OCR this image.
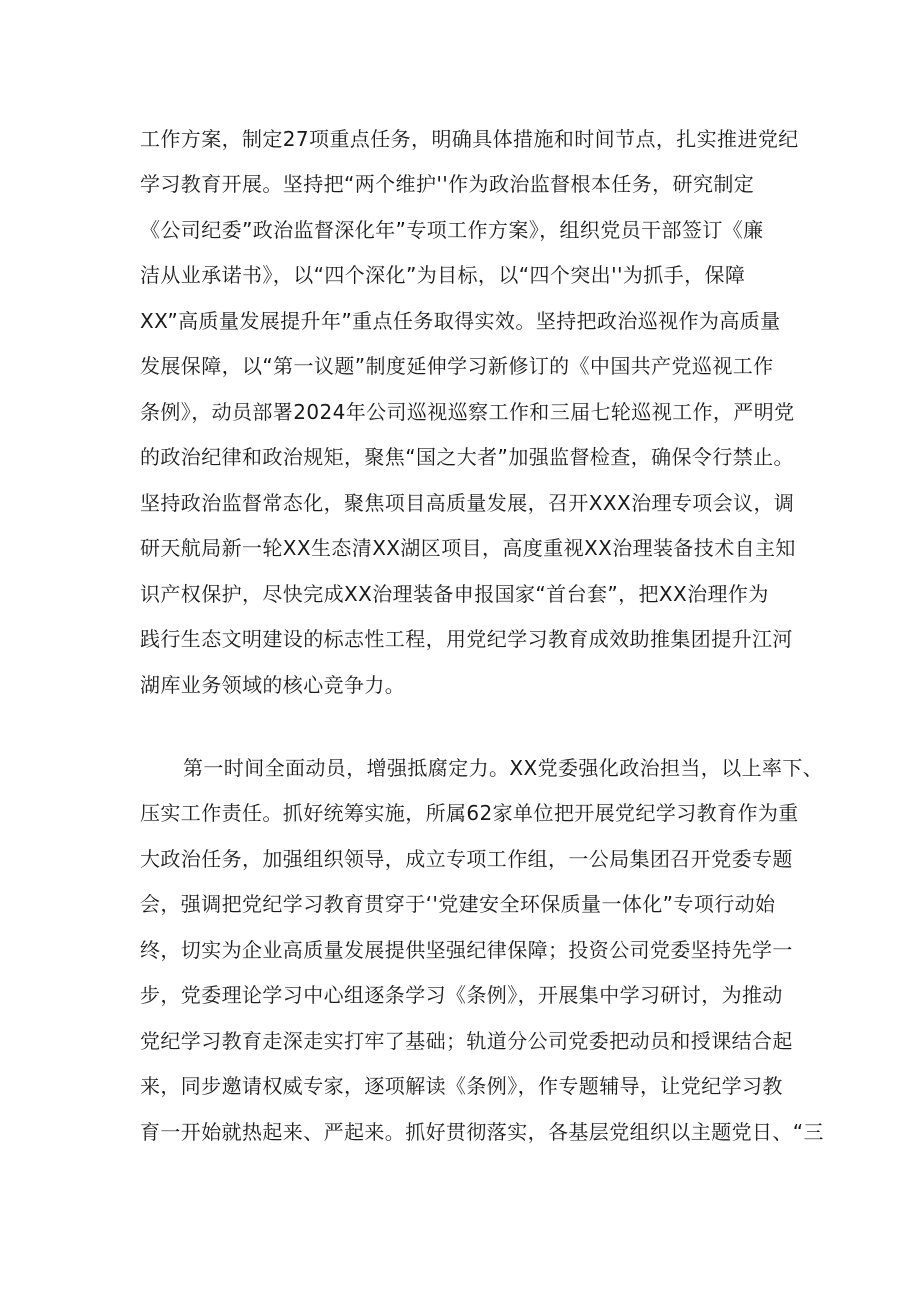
工作方案，制定27项重点任务，明确具体措施和时间节点，扎实推进党纪
学习教育开展。坚持把“两个维护''作为政治监督根本任务，研究制定
《公司纪委”政治监督深化年”专项工作方案》，组织党员干部签订《廉
洁从业承诺书》，以“四个深化”为目标，以“四个突出''为抓手，保障
XX”高质量发展提升年”重点任务取得实效。坚持把政治巡视作为高质量
发展保障，以“第一议题”制度延伸学习新修订的《中国共产党巡视工作
条例》，动员部署2024年公司巡视巡察工作和三届七轮巡视工作，严明党
的政治纪律和政治规矩，聚焦“国之大者”加强监督检查，确保令行禁止。
坚持政治监督常态化，聚焦项目高质量发展，召开XXX治理专项会议，调
研天航局新一轮XX生态清XX湖区项目，高度重视XX治理装备技术自主知
识产权保护，尽快完成XX治理装备申报国家“首台套”，把XX治理作为
践行生态文明建设的标志性工程，用党纪学习教育成效助推集团提升江河
湖库业务领域的核心竞争力。
第一时间全面动员，增强抵腐定力。XX党委强化政治担当，以上率下、
压实工作责任。抓好统筹实施，所属62家单位把开展党纪学习教育作为重
大政治任务，加强组织领导，成立专项工作组，一公局集团召开党委专题
会，强调把党纪学习教育贯穿于‘'党建安全环保质量一体化”专项行动始
终，切实为企业高质量发展提供坚强纪律保障；投资公司党委坚持先学一
步，党委理论学习中心组逐条学习《条例》，开展集中学习研讨，为推动
党纪学习教育走深走实打牢了基础；轨道分公司党委把动员和授课结合起
来，同步邀请权威专家，逐项解读《条例》，作专题辅导，让党纪学习教
育一开始就热起来、严起来。抓好贯彻落实，各基层党组织以主题党日、“三
